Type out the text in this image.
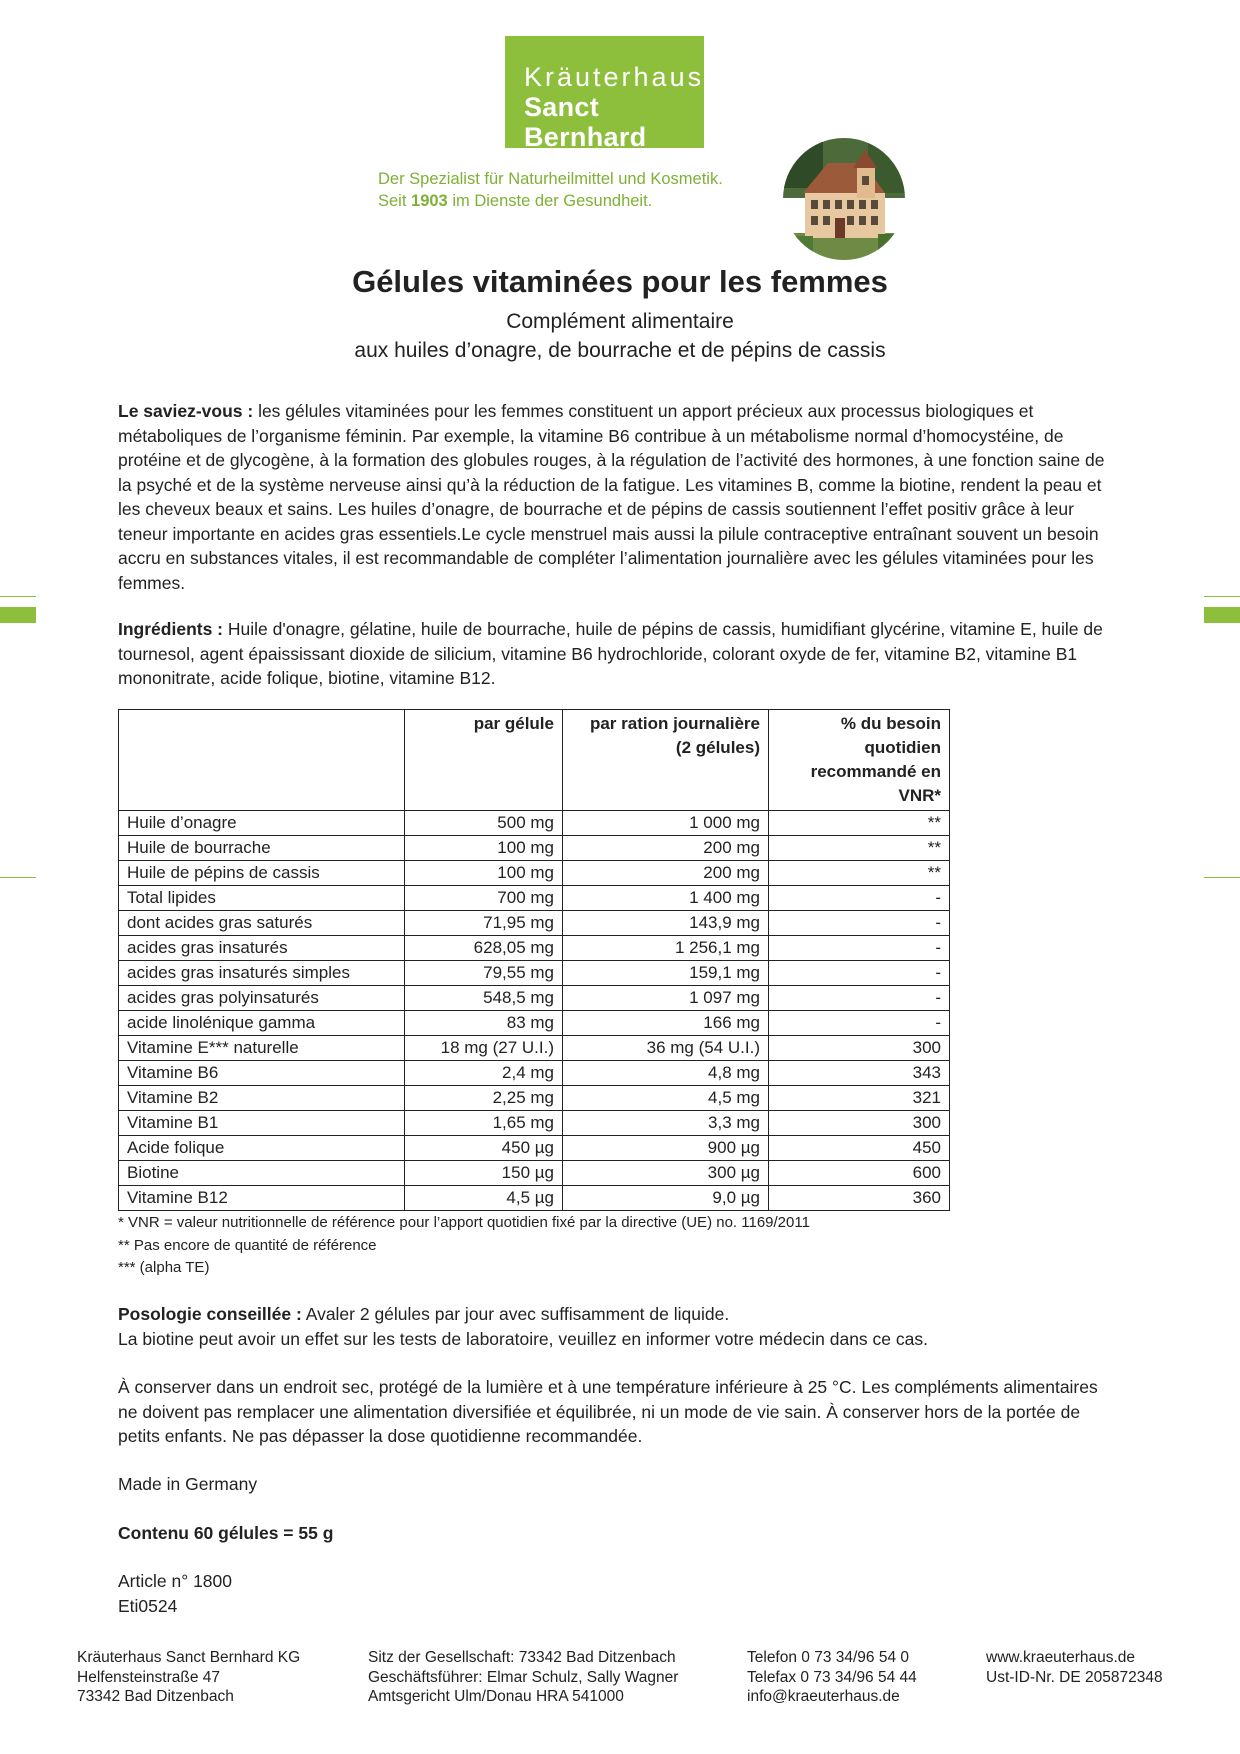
Kräuterhaus
Sanct Bernhard
Der Spezialist für Naturheilmittel und Kosmetik.
Seit 1903 im Dienste der Gesundheit.
Gélules vitaminées pour les femmes
Complément alimentaire
aux huiles d’onagre, de bourrache et de pépins de cassis
Le saviez-vous : les gélules vitaminées pour les femmes constituent un apport précieux aux processus biologiques et métaboliques de l’organisme féminin. Par exemple, la vitamine B6 contribue à un métabolisme normal d’homocystéine, de protéine et de glycogène, à la formation des globules rouges, à la régulation de l’activité des hormones, à une fonction saine de la psyché et de la système nerveuse ainsi qu’à la réduction de la fatigue. Les vitamines B, comme la biotine, rendent la peau et les cheveux beaux et sains. Les huiles d’onagre, de bourrache et de pépins de cassis soutiennent l’effet positiv grâce à leur teneur importante en acides gras essentiels.Le cycle menstruel mais aussi la pilule contraceptive entraînant souvent un besoin accru en substances vitales, il est recommandable de compléter l’alimentation journalière avec les gélules vitaminées pour les femmes.
Ingrédients : Huile d'onagre, gélatine, huile de bourrache, huile de pépins de cassis, humidifiant glycérine, vitamine E, huile de tournesol, agent épaississant dioxide de silicium, vitamine B6 hydrochloride, colorant oxyde de fer, vitamine B2, vitamine B1 mononitrate, acide folique, biotine, vitamine B12.
	par gélule	par ration journalière (2 gélules)	% du besoin quotidien recommandé en VNR*
Huile d’onagre	500 mg	1 000 mg	**
Huile de bourrache	100 mg	200 mg	**
Huile de pépins de cassis	100 mg	200 mg	**
Total lipides	700 mg	1 400 mg	-
dont acides gras saturés	71,95 mg	143,9 mg	-
acides gras insaturés	628,05 mg	1 256,1 mg	-
acides gras insaturés simples	79,55 mg	159,1 mg	-
acides gras polyinsaturés	548,5 mg	1 097 mg	-
acide linolénique gamma	83 mg	166 mg	-
Vitamine E*** naturelle	18 mg (27 U.I.)	36 mg (54 U.I.)	300
Vitamine B6	2,4 mg	4,8 mg	343
Vitamine B2	2,25 mg	4,5 mg	321
Vitamine B1	1,65 mg	3,3 mg	300
Acide folique	450 µg	900 µg	450
Biotine	150 µg	300 µg	600
Vitamine B12	4,5 µg	9,0 µg	360
* VNR = valeur nutritionnelle de référence pour l’apport quotidien fixé par la directive (UE) no. 1169/2011
** Pas encore de quantité de référence
*** (alpha TE)
Posologie conseillée : Avaler 2 gélules par jour avec suffisamment de liquide.
La biotine peut avoir un effet sur les tests de laboratoire, veuillez en informer votre médecin dans ce cas.
À conserver dans un endroit sec, protégé de la lumière et à une température inférieure à 25 °C. Les compléments alimentaires ne doivent pas remplacer une alimentation diversifiée et équilibrée, ni un mode de vie sain. À conserver hors de la portée de petits enfants. Ne pas dépasser la dose quotidienne recommandée.
Made in Germany
Contenu 60 gélules = 55 g
Article n° 1800
Eti0524
Kräuterhaus Sanct Bernhard KG
Helfensteinstraße 47
73342 Bad Ditzenbach
Sitz der Gesellschaft: 73342 Bad Ditzenbach
Geschäftsführer: Elmar Schulz, Sally Wagner
Amtsgericht Ulm/Donau HRA 541000
Telefon 0 73 34/96 54 0
Telefax 0 73 34/96 54 44
info@kraeuterhaus.de
www.kraeuterhaus.de
Ust-ID-Nr. DE 205872348
